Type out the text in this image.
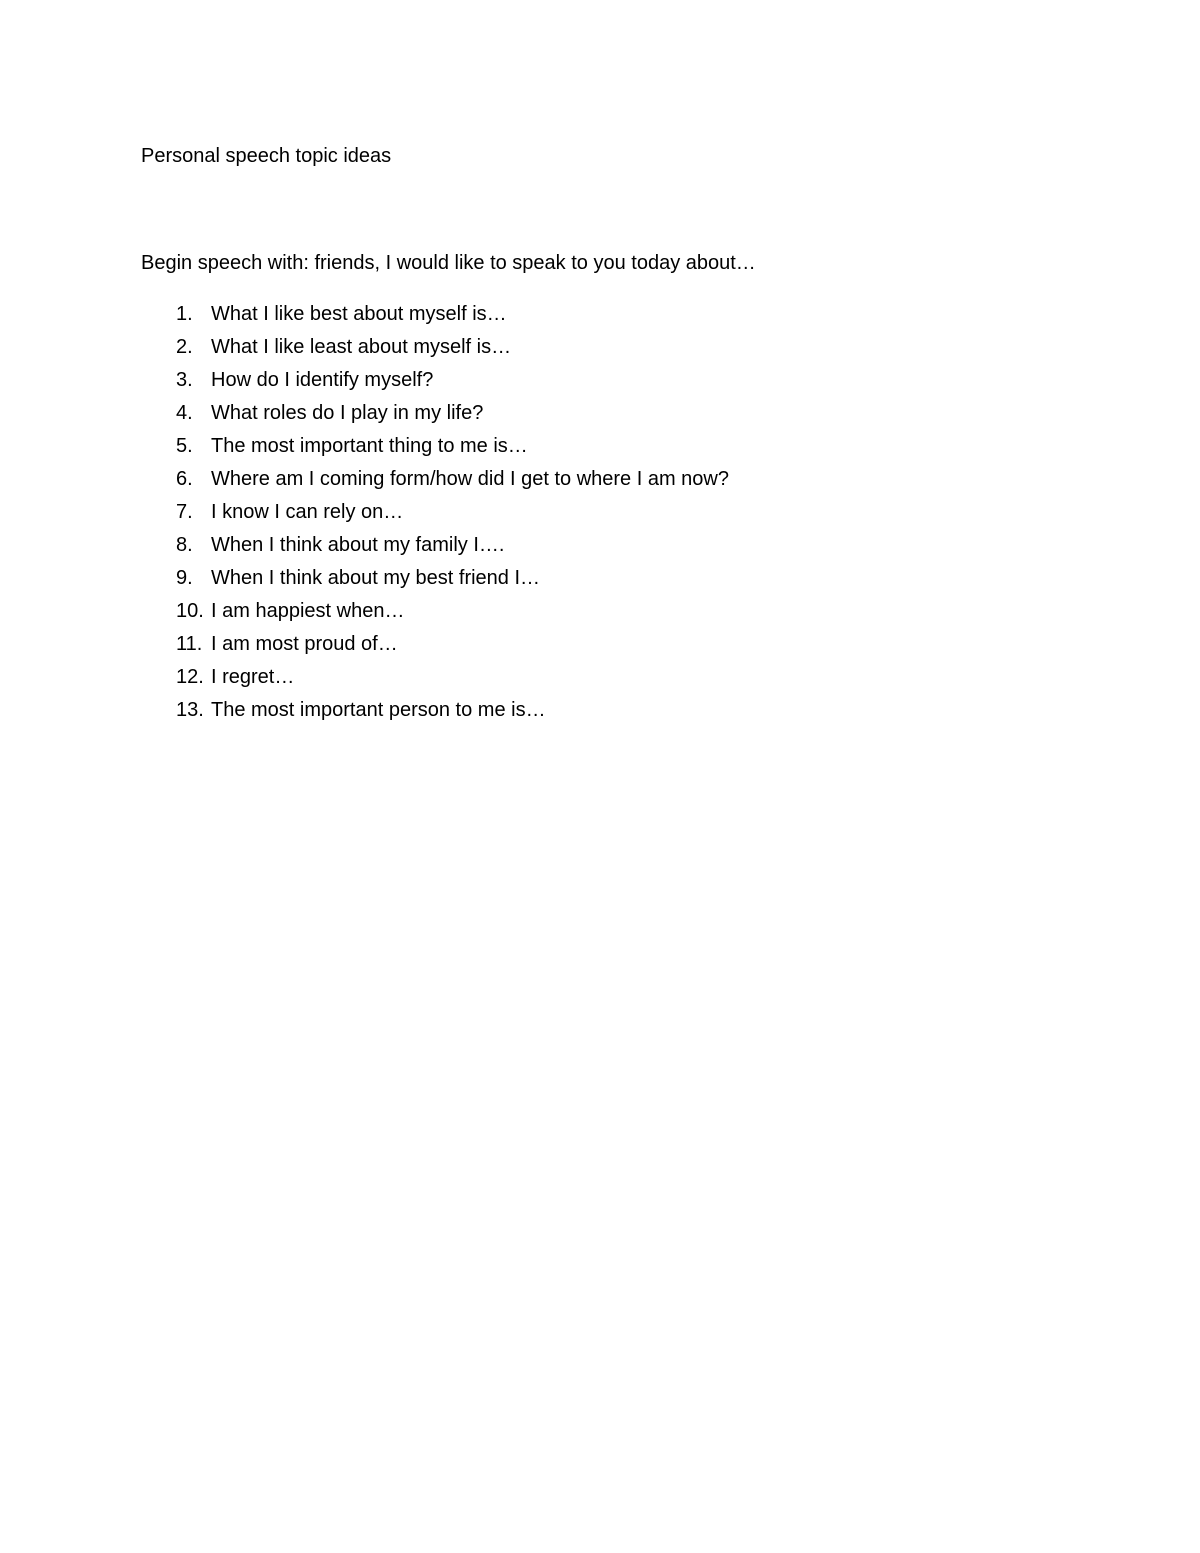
Personal speech topic ideas
Begin speech with: friends, I would like to speak to you today about…
1. What I like best about myself is…
2. What I like least about myself is…
3. How do I identify myself?
4. What roles do I play in my life?
5. The most important thing to me is…
6. Where am I coming form/how did I get to where I am now?
7. I know I can rely on…
8. When I think about my family I….
9. When I think about my best friend I…
10. I am happiest when…
11. I am most proud of…
12. I regret…
13. The most important person to me is…
